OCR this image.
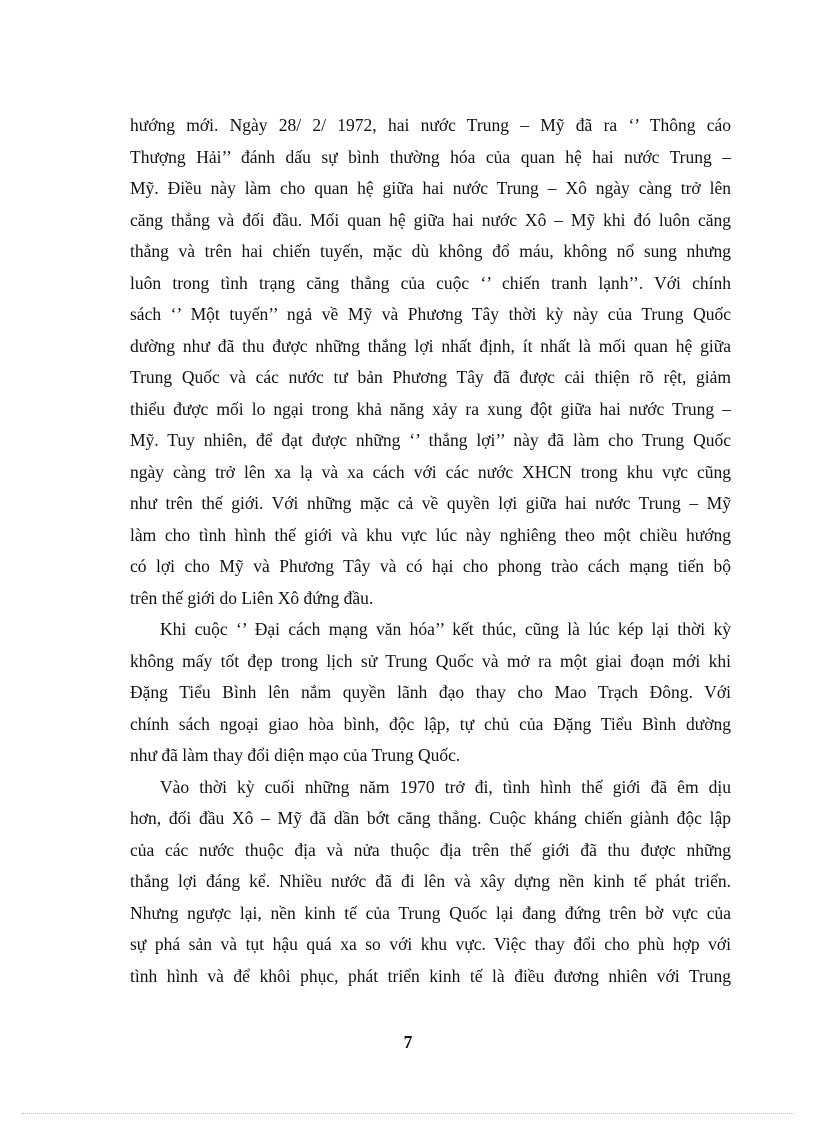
hướng mới. Ngày 28/ 2/ 1972, hai nước Trung – Mỹ đã ra ‘’ Thông cáo
Thượng Hải’’ đánh dấu sự bình thường hóa của quan hệ hai nước Trung –
Mỹ. Điều này làm cho quan hệ giữa hai nước Trung – Xô ngày càng trở lên
căng thẳng và đối đầu. Mối quan hệ giữa hai nước Xô – Mỹ khi đó luôn căng
thẳng và trên hai chiến tuyến, mặc dù không đổ máu, không nổ sung nhưng
luôn trong tình trạng căng thẳng của cuộc ‘’ chiến tranh lạnh’’. Với chính
sách ‘’ Một tuyến’’ ngả về Mỹ và Phương Tây thời kỳ này của Trung Quốc
dường như đã thu được những thắng lợi nhất định, ít nhất là mối quan hệ giữa
Trung Quốc và các nước tư bản Phương Tây đã được cải thiện rõ rệt, giảm
thiểu được mối lo ngại trong khả năng xảy ra xung đột giữa hai nước Trung –
Mỹ. Tuy nhiên, để đạt được những ‘’ thắng lợi’’ này đã làm cho Trung Quốc
ngày càng trở lên xa lạ và xa cách với các nước XHCN trong khu vực cũng
như trên thế giới. Với những mặc cả về quyền lợi giữa hai nước Trung – Mỹ
làm cho tình hình thế giới và khu vực lúc này nghiêng theo một chiều hướng
có lợi cho Mỹ và Phương Tây và có hại cho phong trào cách mạng tiến bộ
trên thế giới do Liên Xô đứng đầu.
Khi cuộc ‘’ Đại cách mạng văn hóa’’ kết thúc, cũng là lúc kép lại thời kỳ
không mấy tốt đẹp trong lịch sử Trung Quốc và mở ra một giai đoạn mới khi
Đặng Tiểu Bình lên nắm quyền lãnh đạo thay cho Mao Trạch Đông. Với
chính sách ngoại giao hòa bình, độc lập, tự chủ của Đặng Tiểu Bình dường
như đã làm thay đổi diện mạo của Trung Quốc.
Vào thời kỳ cuối những năm 1970 trở đi, tình hình thế giới đã êm dịu
hơn, đối đầu Xô – Mỹ đã dần bớt căng thẳng. Cuộc kháng chiến giành độc lập
của các nước thuộc địa và nửa thuộc địa trên thế giới đã thu được những
thắng lợi đáng kể. Nhiều nước đã đi lên và xây dựng nền kinh tế phát triển.
Nhưng ngược lại, nền kinh tế của Trung Quốc lại đang đứng trên bờ vực của
sự phá sản và tụt hậu quá xa so với khu vực. Việc thay đổi cho phù hợp với
tình hình và để khôi phục, phát triển kinh tế là điều đương nhiên với Trung
7
